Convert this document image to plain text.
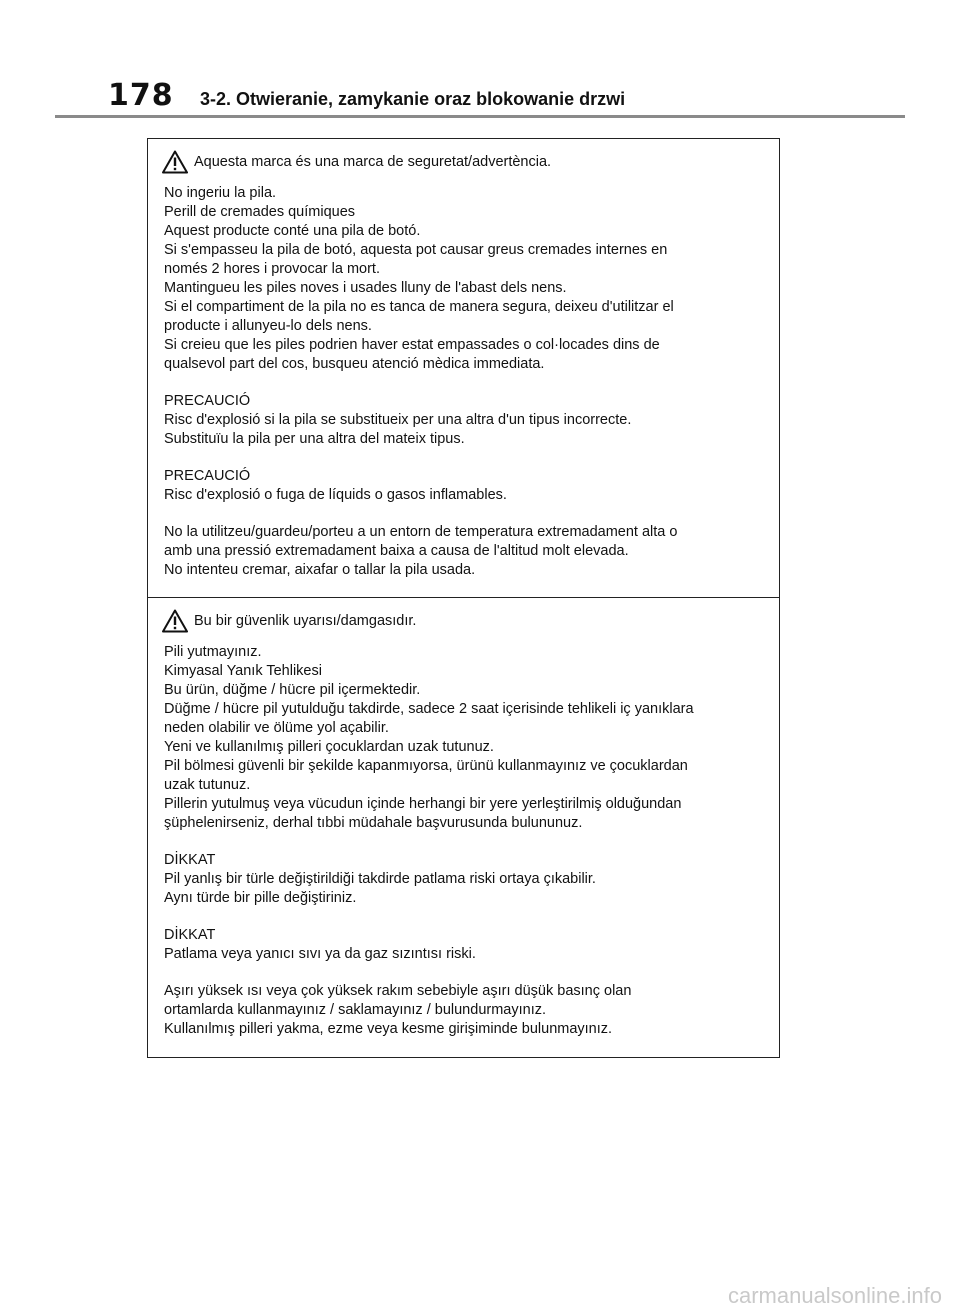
178	3-2. Otwieranie, zamykanie oraz blokowanie drzwi
Aquesta marca és una marca de seguretat/advertència.

No ingeriu la pila.
Perill de cremades químiques
Aquest producte conté una pila de botó.
Si s'empasseu la pila de botó, aquesta pot causar greus cremades internes en
només 2 hores i provocar la mort.
Mantingueu les piles noves i usades lluny de l'abast dels nens.
Si el compartiment de la pila no es tanca de manera segura, deixeu d'utilitzar el
producte i allunyeu-lo dels nens.
Si creieu que les piles podrien haver estat empassades o col·locades dins de
qualsevol part del cos, busqueu atenció mèdica immediata.

PRECAUCIÓ
Risc d'explosió si la pila se substitueix per una altra d'un tipus incorrecte.
Substituïu la pila per una altra del mateix tipus.

PRECAUCIÓ
Risc d'explosió o fuga de líquids o gasos inflamables.

No la utilitzeu/guardeu/porteu a un entorn de temperatura extremadament alta o
amb una pressió extremadament baixa a causa de l'altitud molt elevada.
No intenteu cremar, aixafar o tallar la pila usada.

Bu bir güvenlik uyarısı/damgasıdır.

Pili yutmayınız.
Kimyasal Yanık Tehlikesi
Bu ürün, düğme / hücre pil içermektedir.
Düğme / hücre pil yutulduğu takdirde, sadece 2 saat içerisinde tehlikeli iç yanıklara
neden olabilir ve ölüme yol açabilir.
Yeni ve kullanılmış pilleri çocuklardan uzak tutunuz.
Pil bölmesi güvenli bir şekilde kapanmıyorsa, ürünü kullanmayınız ve çocuklardan
uzak tutunuz.
Pillerin yutulmuş veya vücudun içinde herhangi bir yere yerleştirilmiş olduğundan
şüphelenirseniz, derhal tıbbi müdahale başvurusunda bulununuz.

DİKKAT
Pil yanlış bir türle değiştirildiği takdirde patlama riski ortaya çıkabilir.
Aynı türde bir pille değiştiriniz.

DİKKAT
Patlama veya yanıcı sıvı ya da gaz sızıntısı riski.

Aşırı yüksek ısı veya çok yüksek rakım sebebiyle aşırı düşük basınç olan
ortamlarda kullanmayınız / saklamayınız / bulundurmayınız.
Kullanılmış pilleri yakma, ezme veya kesme girişiminde bulunmayınız.

carmanualsonline.info
